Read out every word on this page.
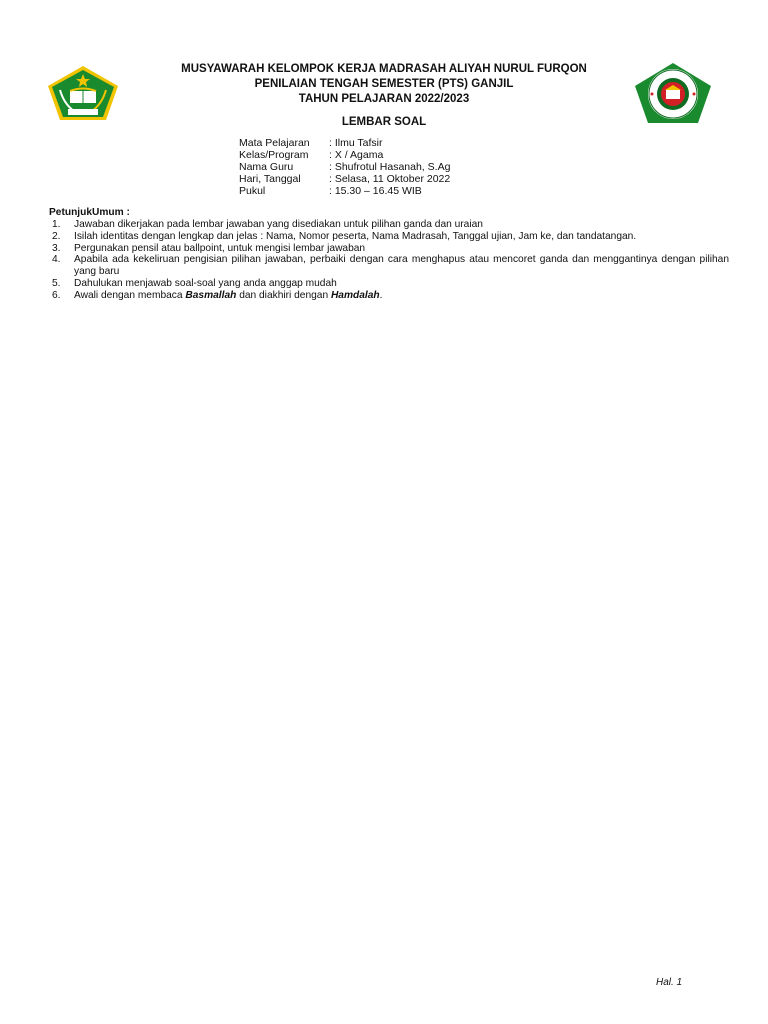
MUSYAWARAH KELOMPOK KERJA MADRASAH ALIYAH NURUL FURQON
PENILAIAN TENGAH SEMESTER (PTS) GANJIL
TAHUN PELAJARAN 2022/2023
LEMBAR SOAL
Mata Pelajaran	: Ilmu Tafsir
Kelas/Program	: X / Agama
Nama Guru	: Shufrotul Hasanah, S.Ag
Hari, Tanggal	: Selasa, 11 Oktober 2022
Pukul	: 15.30 – 16.45 WIB
PetunjukUmum :
1.	Jawaban dikerjakan pada lembar jawaban yang disediakan untuk pilihan ganda dan uraian
2.	Isilah identitas dengan lengkap dan jelas : Nama, Nomor peserta, Nama Madrasah, Tanggal ujian, Jam ke, dan tandatangan.
3.	Pergunakan pensil atau ballpoint, untuk mengisi lembar jawaban
4.	Apabila ada kekeliruan pengisian pilihan jawaban, perbaiki dengan cara menghapus atau mencoret ganda dan menggantinya dengan pilihan yang baru
5.	Dahulukan menjawab soal-soal yang anda anggap mudah
6.	Awali dengan membaca Basmallah dan diakhiri dengan Hamdalah.
Hal. 1
